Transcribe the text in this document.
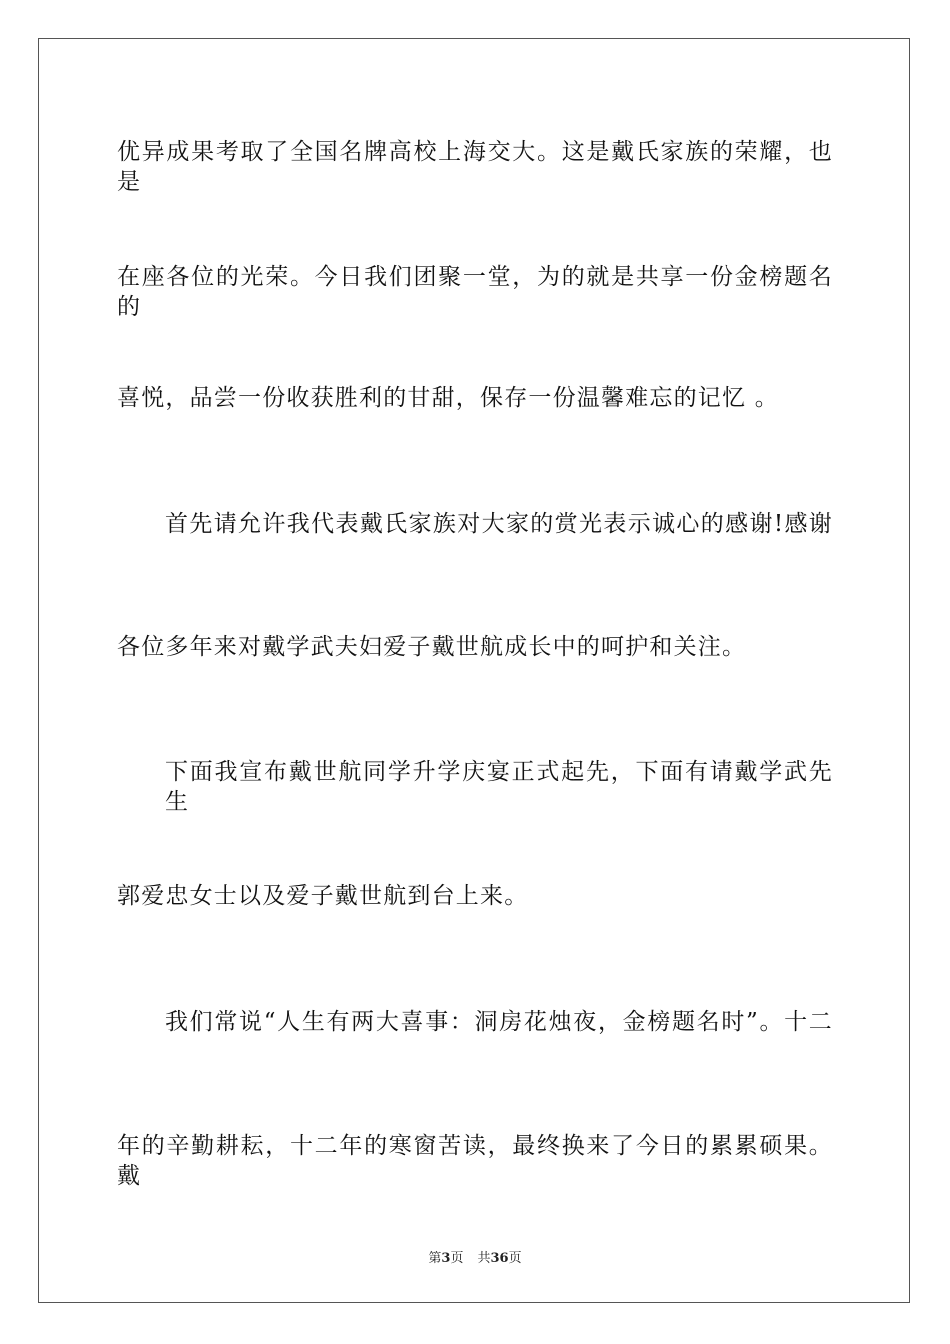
优异成果考取了全国名牌高校上海交大。这是戴氏家族的荣耀，也是
在座各位的光荣。今日我们团聚一堂，为的就是共享一份金榜题名的
喜悦，品尝一份收获胜利的甘甜，保存一份温馨难忘的记忆 。
首先请允许我代表戴氏家族对大家的赏光表示诚心的感谢!感谢
各位多年来对戴学武夫妇爱子戴世航成长中的呵护和关注。
下面我宣布戴世航同学升学庆宴正式起先，下面有请戴学武先生
郭爱忠女士以及爱子戴世航到台上来。
我们常说“人生有两大喜事：洞房花烛夜，金榜题名时”。十二
年的辛勤耕耘，十二年的寒窗苦读，最终换来了今日的累累硕果。戴
第3页 共36页
